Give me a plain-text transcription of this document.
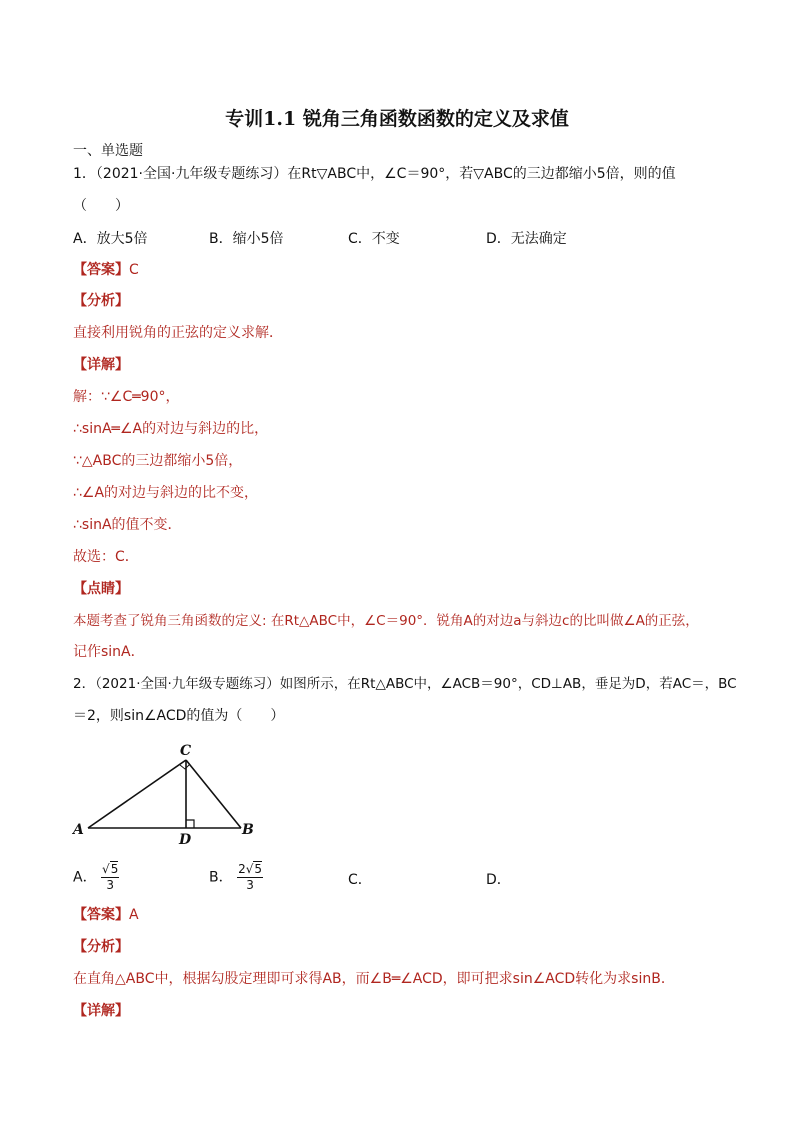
专训1.1 锐角三角函数函数的定义及求值
一、单选题
1．（2021·全国·九年级专题练习）在Rt▽ABC中，∠C＝90°，若▽ABC的三边都缩小5倍，则的值
（　　）
A．放大5倍	B．缩小5倍	C．不变	D．无法确定
【答案】C
【分析】
直接利用锐角的正弦的定义求解．
【详解】
解：∵∠C═90°，
∴sinA═∠A的对边与斜边的比，
∵△ABC的三边都缩小5倍，
∴∠A的对边与斜边的比不变，
∴sinA的值不变．
故选：C．
【点睛】
本题考查了锐角三角函数的定义: 在Rt△ABC中，∠C＝90°．锐角A的对边a与斜边c的比叫做∠A的正弦，
记作sinA．
2．（2021·全国·九年级专题练习）如图所示，在Rt△ABC中，∠ACB＝90°，CD⊥AB，垂足为D，若AC＝，BC
＝2，则sin∠ACD的值为（　　）
C
A	B
D
A． $\frac{√5}{3}$	B． $\frac{2√5}{3}$	C．	D．
【答案】A
【分析】
在直角△ABC中，根据勾股定理即可求得AB，而∠B═∠ACD，即可把求sin∠ACD转化为求sinB．
【详解】
